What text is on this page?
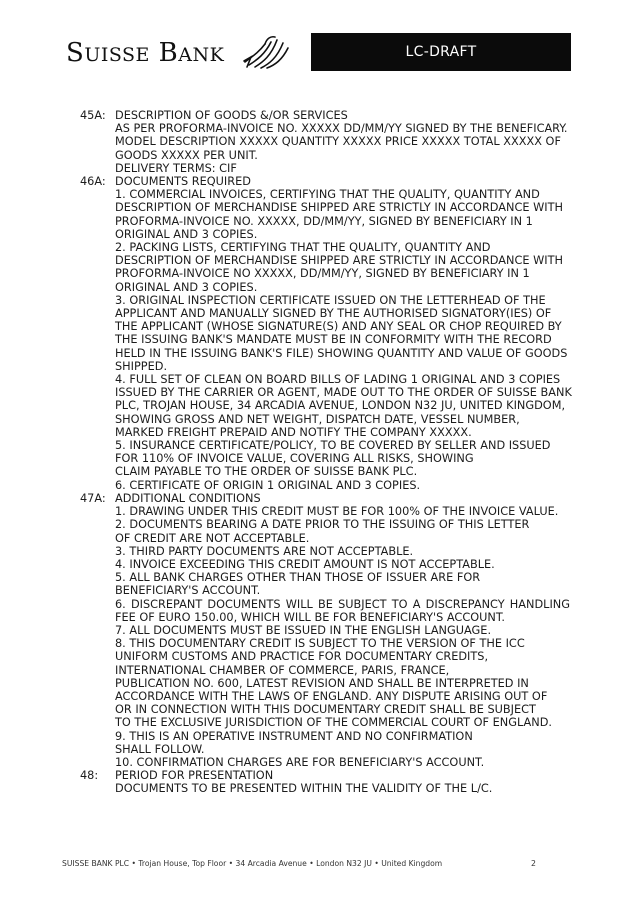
SUISSE BANK	LC-DRAFT
45A: DESCRIPTION OF GOODS &/OR SERVICES
AS PER PROFORMA-INVOICE NO. XXXXX DD/MM/YY SIGNED BY THE BENEFICARY.
MODEL DESCRIPTION XXXXX QUANTITY XXXXX PRICE XXXXX TOTAL XXXXX OF
GOODS XXXXX PER UNIT.
DELIVERY TERMS: CIF
46A: DOCUMENTS REQUIRED
1. COMMERCIAL INVOICES, CERTIFYING THAT THE QUALITY, QUANTITY AND
DESCRIPTION OF MERCHANDISE SHIPPED ARE STRICTLY IN ACCORDANCE WITH
PROFORMA-INVOICE NO. XXXXX, DD/MM/YY, SIGNED BY BENEFICIARY IN 1
ORIGINAL AND 3 COPIES.
2. PACKING LISTS, CERTIFYING THAT THE QUALITY, QUANTITY AND
DESCRIPTION OF MERCHANDISE SHIPPED ARE STRICTLY IN ACCORDANCE WITH
PROFORMA-INVOICE NO XXXXX, DD/MM/YY, SIGNED BY BENEFICIARY IN 1
ORIGINAL AND 3 COPIES.
3. ORIGINAL INSPECTION CERTIFICATE ISSUED ON THE LETTERHEAD OF THE
APPLICANT AND MANUALLY SIGNED BY THE AUTHORISED SIGNATORY(IES) OF
THE APPLICANT (WHOSE SIGNATURE(S) AND ANY SEAL OR CHOP REQUIRED BY
THE ISSUING BANK'S MANDATE MUST BE IN CONFORMITY WITH THE RECORD
HELD IN THE ISSUING BANK'S FILE) SHOWING QUANTITY AND VALUE OF GOODS
SHIPPED.
4. FULL SET OF CLEAN ON BOARD BILLS OF LADING 1 ORIGINAL AND 3 COPIES
ISSUED BY THE CARRIER OR AGENT, MADE OUT TO THE ORDER OF SUISSE BANK
PLC, TROJAN HOUSE, 34 ARCADIA AVENUE, LONDON N32 JU, UNITED KINGDOM,
SHOWING GROSS AND NET WEIGHT, DISPATCH DATE, VESSEL NUMBER,
MARKED FREIGHT PREPAID AND NOTIFY THE COMPANY XXXXX.
5. INSURANCE CERTIFICATE/POLICY, TO BE COVERED BY SELLER AND ISSUED
FOR 110% OF INVOICE VALUE, COVERING ALL RISKS, SHOWING
CLAIM PAYABLE TO THE ORDER OF SUISSE BANK PLC.
6. CERTIFICATE OF ORIGIN 1 ORIGINAL AND 3 COPIES.
47A: ADDITIONAL CONDITIONS
1. DRAWING UNDER THIS CREDIT MUST BE FOR 100% OF THE INVOICE VALUE.
2. DOCUMENTS BEARING A DATE PRIOR TO THE ISSUING OF THIS LETTER
OF CREDIT ARE NOT ACCEPTABLE.
3. THIRD PARTY DOCUMENTS ARE NOT ACCEPTABLE.
4. INVOICE EXCEEDING THIS CREDIT AMOUNT IS NOT ACCEPTABLE.
5. ALL BANK CHARGES OTHER THAN THOSE OF ISSUER ARE FOR
BENEFICIARY'S ACCOUNT.
6. DISCREPANT DOCUMENTS WILL BE SUBJECT TO A DISCREPANCY HANDLING
FEE OF EURO 150.00, WHICH WILL BE FOR BENEFICIARY'S ACCOUNT.
7. ALL DOCUMENTS MUST BE ISSUED IN THE ENGLISH LANGUAGE.
8. THIS DOCUMENTARY CREDIT IS SUBJECT TO THE VERSION OF THE ICC
UNIFORM CUSTOMS AND PRACTICE FOR DOCUMENTARY CREDITS,
INTERNATIONAL CHAMBER OF COMMERCE, PARIS, FRANCE,
PUBLICATION NO. 600, LATEST REVISION AND SHALL BE INTERPRETED IN
ACCORDANCE WITH THE LAWS OF ENGLAND. ANY DISPUTE ARISING OUT OF
OR IN CONNECTION WITH THIS DOCUMENTARY CREDIT SHALL BE SUBJECT
TO THE EXCLUSIVE JURISDICTION OF THE COMMERCIAL COURT OF ENGLAND.
9. THIS IS AN OPERATIVE INSTRUMENT AND NO CONFIRMATION
SHALL FOLLOW.
10. CONFIRMATION CHARGES ARE FOR BENEFICIARY'S ACCOUNT.
48: PERIOD FOR PRESENTATION
DOCUMENTS TO BE PRESENTED WITHIN THE VALIDITY OF THE L/C.
SUISSE BANK PLC • Trojan House, Top Floor • 34 Arcadia Avenue • London N32 JU • United Kingdom	2
